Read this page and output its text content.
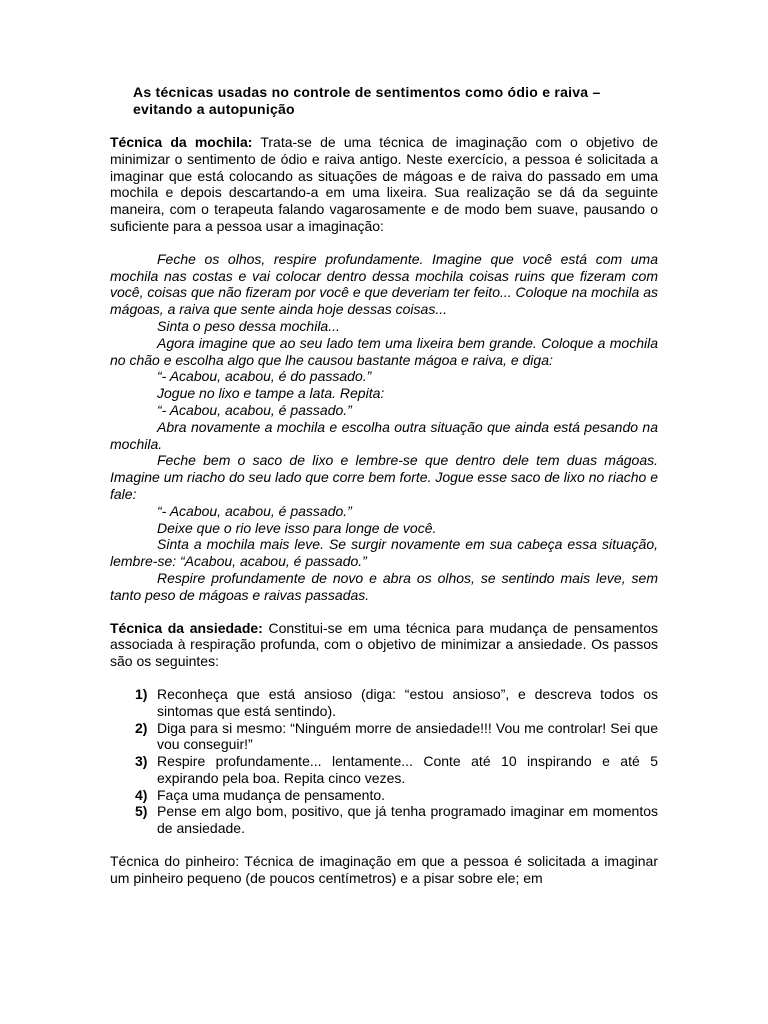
As técnicas usadas no controle de sentimentos como ódio e raiva – evitando a autopunição

Técnica da mochila: Trata-se de uma técnica de imaginação com o objetivo de minimizar o sentimento de ódio e raiva antigo. Neste exercício, a pessoa é solicitada a imaginar que está colocando as situações de mágoas e de raiva do passado em uma mochila e depois descartando-a em uma lixeira. Sua realização se dá da seguinte maneira, com o terapeuta falando vagarosamente e de modo bem suave, pausando o suficiente para a pessoa usar a imaginação:

Feche os olhos, respire profundamente. Imagine que você está com uma mochila nas costas e vai colocar dentro dessa mochila coisas ruins que fizeram com você, coisas que não fizeram por você e que deveriam ter feito... Coloque na mochila as mágoas, a raiva que sente ainda hoje dessas coisas...

Sinta o peso dessa mochila...

Agora imagine que ao seu lado tem uma lixeira bem grande. Coloque a mochila no chão e escolha algo que lhe causou bastante mágoa e raiva, e diga:

“- Acabou, acabou, é do passado.”

Jogue no lixo e tampe a lata. Repita:

“- Acabou, acabou, é passado.”

Abra novamente a mochila e escolha outra situação que ainda está pesando na mochila.

Feche bem o saco de lixo e lembre-se que dentro dele tem duas mágoas. Imagine um riacho do seu lado que corre bem forte. Jogue esse saco de lixo no riacho e fale:

“- Acabou, acabou, é passado.”

Deixe que o rio leve isso para longe de você.

Sinta a mochila mais leve. Se surgir novamente em sua cabeça essa situação, lembre-se: “Acabou, acabou, é passado.”

Respire profundamente de novo e abra os olhos, se sentindo mais leve, sem tanto peso de mágoas e raivas passadas.

Técnica da ansiedade: Constitui-se em uma técnica para mudança de pensamentos associada à respiração profunda, com o objetivo de minimizar a ansiedade. Os passos são os seguintes:

1) Reconheça que está ansioso (diga: “estou ansioso”, e descreva todos os sintomas que está sentindo).
2) Diga para si mesmo: “Ninguém morre de ansiedade!!! Vou me controlar! Sei que vou conseguir!”
3) Respire profundamente... lentamente... Conte até 10 inspirando e até 5 expirando pela boa. Repita cinco vezes.
4) Faça uma mudança de pensamento.
5) Pense em algo bom, positivo, que já tenha programado imaginar em momentos de ansiedade.

Técnica do pinheiro: Técnica de imaginação em que a pessoa é solicitada a imaginar um pinheiro pequeno (de poucos centímetros) e a pisar sobre ele; em
